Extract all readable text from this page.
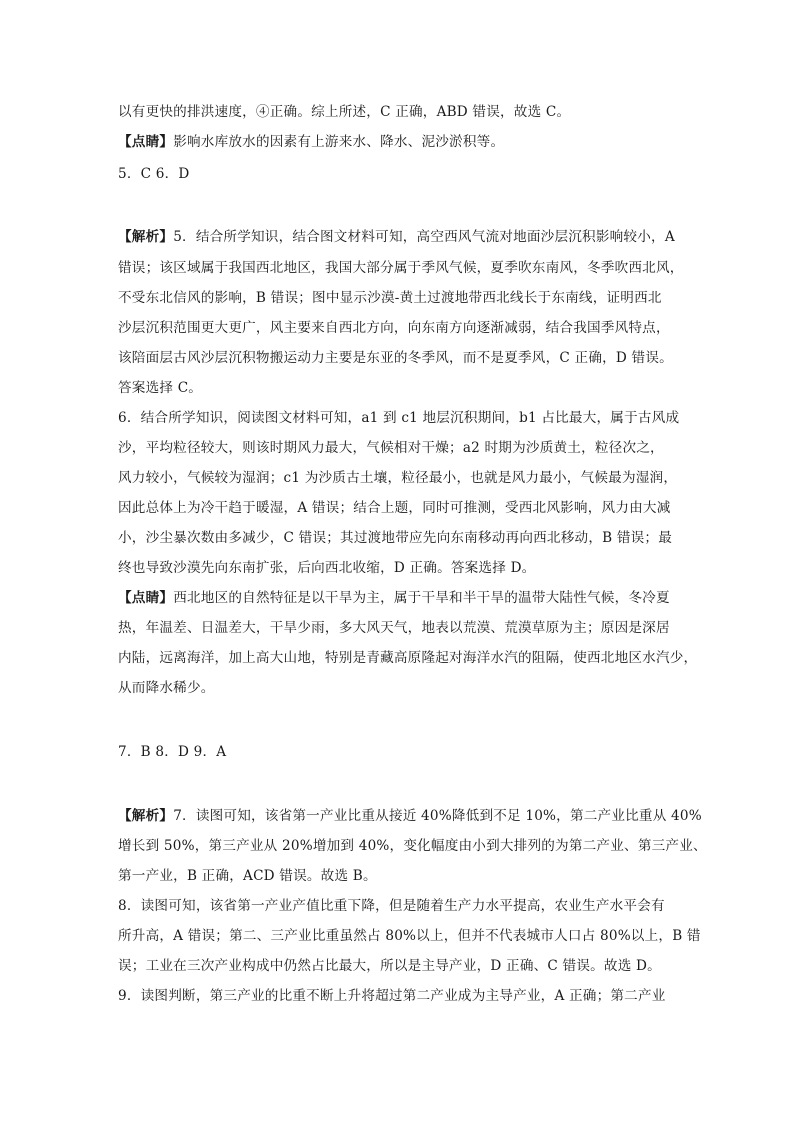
以有更快的排洪速度，④正确。综上所述，C 正确，ABD 错误，故选 C。
【点睛】影响水库放水的因素有上游来水、降水、泥沙淤积等。
5．C 6．D
【解析】5．结合所学知识，结合图文材料可知，高空西风气流对地面沙层沉积影响较小，A
错误；该区域属于我国西北地区，我国大部分属于季风气候，夏季吹东南风，冬季吹西北风，
不受东北信风的影响，B 错误；图中显示沙漠-黄土过渡地带西北线长于东南线，证明西北
沙层沉积范围更大更广，风主要来自西北方向，向东南方向逐渐减弱，结合我国季风特点，
该陪面层古风沙层沉积物搬运动力主要是东亚的冬季风，而不是夏季风，C 正确，D 错误。
答案选择 C。
6．结合所学知识，阅读图文材料可知，a1 到 c1 地层沉积期间，b1 占比最大，属于古风成
沙，平均粒径较大，则该时期风力最大，气候相对干燥；a2 时期为沙质黄土，粒径次之，
风力较小，气候较为湿润；c1 为沙质古土壤，粒径最小，也就是风力最小，气候最为湿润，
因此总体上为冷干趋于暖湿，A 错误；结合上题，同时可推测，受西北风影响，风力由大减
小，沙尘暴次数由多减少，C 错误；其过渡地带应先向东南移动再向西北移动，B 错误；最
终也导致沙漠先向东南扩张，后向西北收缩，D 正确。答案选择 D。
【点睛】西北地区的自然特征是以干旱为主，属于干旱和半干旱的温带大陆性气候，冬冷夏
热，年温差、日温差大，干旱少雨，多大风天气，地表以荒漠、荒漠草原为主；原因是深居
内陆，远离海洋，加上高大山地，特别是青藏高原隆起对海洋水汽的阻隔，使西北地区水汽少，
从而降水稀少。
7．B 8．D 9．A
【解析】7．读图可知，该省第一产业比重从接近 40%降低到不足 10%，第二产业比重从 40%
增长到 50%，第三产业从 20%增加到 40%，变化幅度由小到大排列的为第二产业、第三产业、
第一产业，B 正确，ACD 错误。故选 B。
8．读图可知，该省第一产业产值比重下降，但是随着生产力水平提高，农业生产水平会有
所升高，A 错误；第二、三产业比重虽然占 80%以上，但并不代表城市人口占 80%以上，B 错
误；工业在三次产业构成中仍然占比最大，所以是主导产业，D 正确、C 错误。故选 D。
9．读图判断，第三产业的比重不断上升将超过第二产业成为主导产业，A 正确；第二产业
